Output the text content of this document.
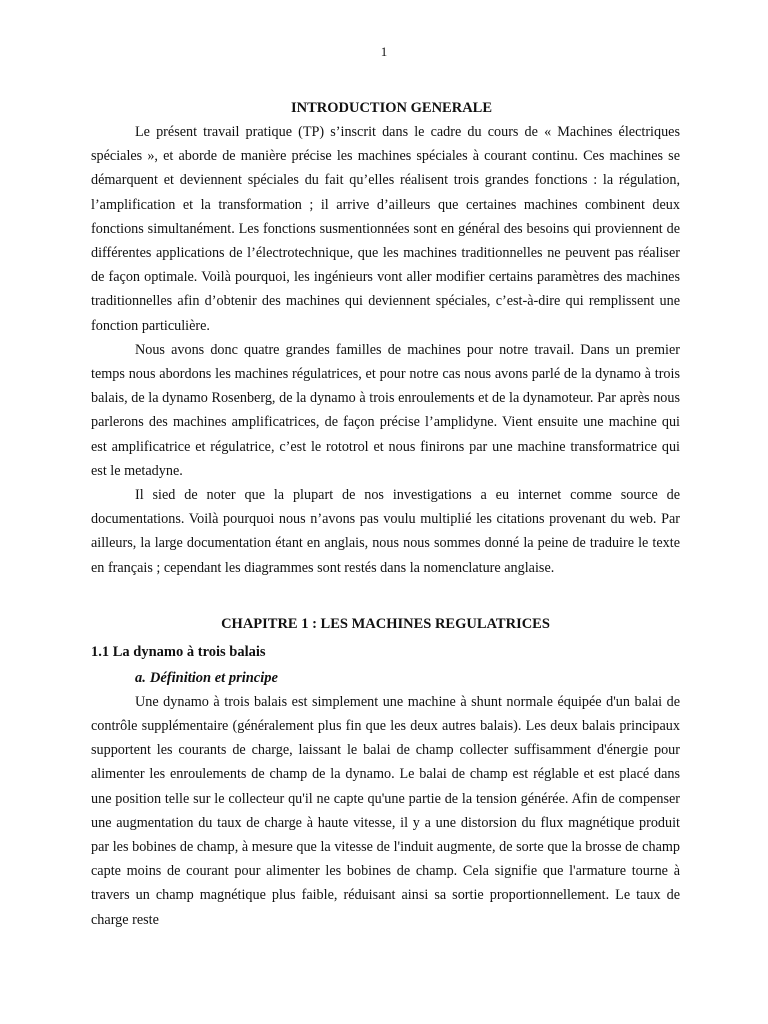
1
INTRODUCTION GENERALE

Le présent travail pratique (TP) s’inscrit dans le cadre du cours de « Machines électriques spéciales », et aborde de manière précise les machines spéciales à courant continu. Ces machines se démarquent et deviennent spéciales du fait qu’elles réalisent trois grandes fonctions : la régulation, l’amplification et la transformation ; il arrive d’ailleurs que certaines machines combinent deux fonctions simultanément. Les fonctions susmentionnées sont en général des besoins qui proviennent de différentes applications de l’électrotechnique, que les machines traditionnelles ne peuvent pas réaliser de façon optimale. Voilà pourquoi, les ingénieurs vont aller modifier certains paramètres des machines traditionnelles afin d’obtenir des machines qui deviennent spéciales, c’est-à-dire qui remplissent une fonction particulière.

Nous avons donc quatre grandes familles de machines pour notre travail. Dans un premier temps nous abordons les machines régulatrices, et pour notre cas nous avons parlé de la dynamo à trois balais, de la dynamo Rosenberg, de la dynamo à trois enroulements et de la dynamoteur. Par après nous parlerons des machines amplificatrices, de façon précise l’amplidyne. Vient ensuite une machine qui est amplificatrice et régulatrice, c’est le rototrol et nous finirons par une machine transformatrice qui est le metadyne.

Il sied de noter que la plupart de nos investigations a eu internet comme source de documentations. Voilà pourquoi nous n’avons pas voulu multiplié les citations provenant du web. Par ailleurs, la large documentation étant en anglais, nous nous sommes donné la peine de traduire le texte en français ; cependant les diagrammes sont restés dans la nomenclature anglaise.

CHAPITRE 1 : LES MACHINES REGULATRICES
1.1 La dynamo à trois balais
a. Définition et principe

Une dynamo à trois balais est simplement une machine à shunt normale équipée d'un balai de contrôle supplémentaire (généralement plus fin que les deux autres balais). Les deux balais principaux supportent les courants de charge, laissant le balai de champ collecter suffisamment d'énergie pour alimenter les enroulements de champ de la dynamo. Le balai de champ est réglable et est placé dans une position telle sur le collecteur qu'il ne capte qu'une partie de la tension générée. Afin de compenser une augmentation du taux de charge à haute vitesse, il y a une distorsion du flux magnétique produit par les bobines de champ, à mesure que la vitesse de l'induit augmente, de sorte que la brosse de champ capte moins de courant pour alimenter les bobines de champ. Cela signifie que l'armature tourne à travers un champ magnétique plus faible, réduisant ainsi sa sortie proportionnellement. Le taux de charge reste
